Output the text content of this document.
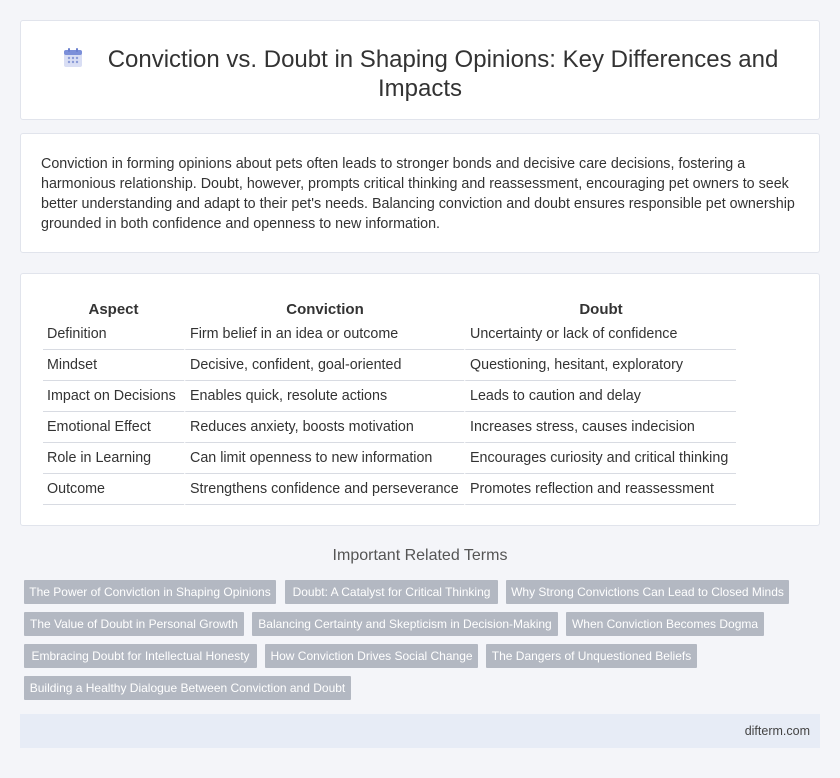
Conviction vs. Doubt in Shaping Opinions: Key Differences and Impacts

Conviction in forming opinions about pets often leads to stronger bonds and decisive care decisions, fostering a harmonious relationship. Doubt, however, prompts critical thinking and reassessment, encouraging pet owners to seek better understanding and adapt to their pet's needs. Balancing conviction and doubt ensures responsible pet ownership grounded in both confidence and openness to new information.

Aspect	Conviction	Doubt
Definition	Firm belief in an idea or outcome	Uncertainty or lack of confidence
Mindset	Decisive, confident, goal-oriented	Questioning, hesitant, exploratory
Impact on Decisions	Enables quick, resolute actions	Leads to caution and delay
Emotional Effect	Reduces anxiety, boosts motivation	Increases stress, causes indecision
Role in Learning	Can limit openness to new information	Encourages curiosity and critical thinking
Outcome	Strengthens confidence and perseverance	Promotes reflection and reassessment
Important Related Terms
The Power of Conviction in Shaping Opinions	Doubt: A Catalyst for Critical Thinking	Why Strong Convictions Can Lead to Closed Minds
The Value of Doubt in Personal Growth	Balancing Certainty and Skepticism in Decision-Making	When Conviction Becomes Dogma
Embracing Doubt for Intellectual Honesty	How Conviction Drives Social Change	The Dangers of Unquestioned Beliefs
Building a Healthy Dialogue Between Conviction and Doubt
difterm.com
